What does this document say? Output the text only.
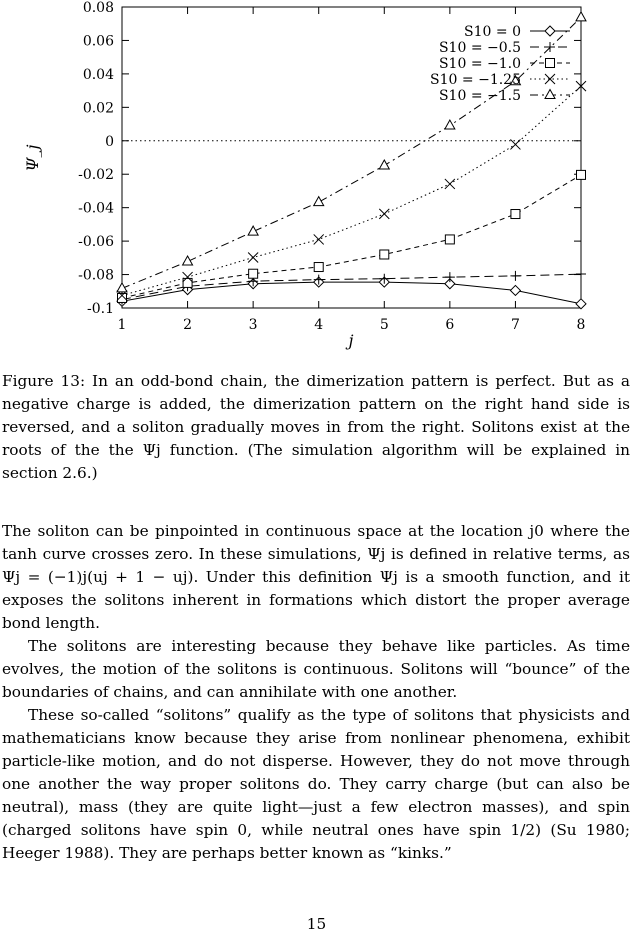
-0.1
-0.08
-0.06
-0.04
-0.02
0
0.02
0.04
0.06
0.08
1	2	3	4	5	6	7	8
j
Ψ_j
S10 = 0
S10 = −0.5
S10 = −1.0
S10 = −1.25
S10 = −1.5

Figure 13: In an odd-bond chain, the dimerization pattern is perfect. But as a negative charge is added, the dimerization pattern on the right hand side is reversed, and a soliton gradually moves in from the right. Solitons exist at the roots of the the Ψj function. (The simulation algorithm will be explained in section 2.6.)

The soliton can be pinpointed in continuous space at the location j0 where the tanh curve crosses zero. In these simulations, Ψj is defined in relative terms, as Ψj = (−1)j(uj + 1 − uj). Under this definition Ψj is a smooth function, and it exposes the solitons inherent in formations which distort the proper average bond length.

The solitons are interesting because they behave like particles. As time evolves, the motion of the solitons is continuous. Solitons will “bounce” of the boundaries of chains, and can annihilate with one another.

These so-called “solitons” qualify as the type of solitons that physicists and mathematicians know because they arise from nonlinear phenomena, exhibit particle-like motion, and do not disperse. However, they do not move through one another the way proper solitons do. They carry charge (but can also be neutral), mass (they are quite light—just a few electron masses), and spin (charged solitons have spin 0, while neutral ones have spin 1/2) (Su 1980; Heeger 1988). They are perhaps better known as “kinks.”

15
